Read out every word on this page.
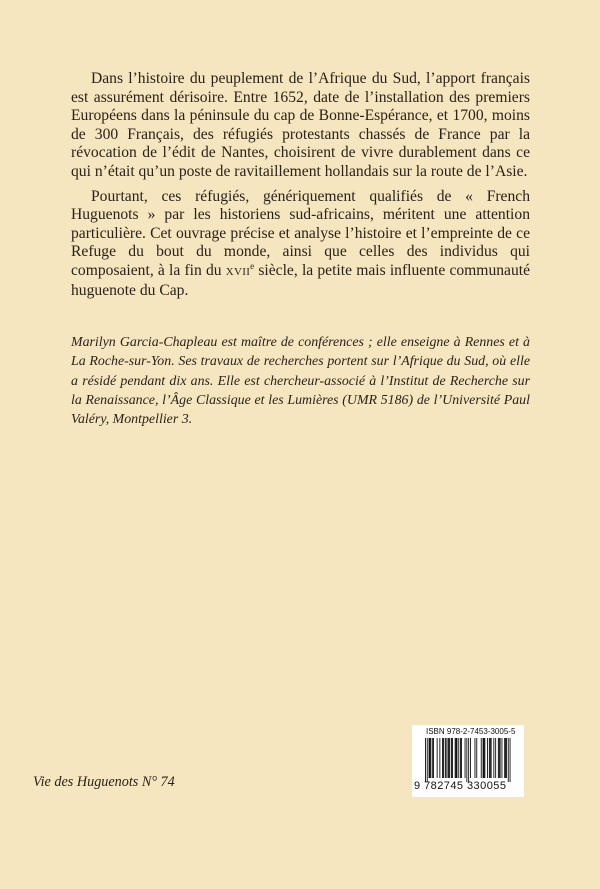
Dans l’histoire du peuplement de l’Afrique du Sud, l’apport français est assurément dérisoire. Entre 1652, date de l’installation des premiers Européens dans la péninsule du cap de Bonne-Espérance, et 1700, moins de 300 Français, des réfugiés protestants chassés de France par la révocation de l’édit de Nantes, choisirent de vivre durablement dans ce qui n’était qu’un poste de ravitaillement hollandais sur la route de l’Asie.

Pourtant, ces réfugiés, génériquement qualifiés de « French Huguenots » par les historiens sud-africains, méritent une attention particulière. Cet ouvrage précise et analyse l’histoire et l’empreinte de ce Refuge du bout du monde, ainsi que celles des individus qui composaient, à la fin du XVIIe siècle, la petite mais influente communauté huguenote du Cap.

Marilyn Garcia-Chapleau est maître de conférences ; elle enseigne à Rennes et à La Roche-sur-Yon. Ses travaux de recherches portent sur l’Afrique du Sud, où elle a résidé pendant dix ans. Elle est chercheur-associé à l’Institut de Recherche sur la Renaissance, l’Âge Classique et les Lumières (UMR 5186) de l’Université Paul Valéry, Montpellier 3.

Vie des Huguenots N° 74
ISBN 978-2-7453-3005-5
9 782745 330055
